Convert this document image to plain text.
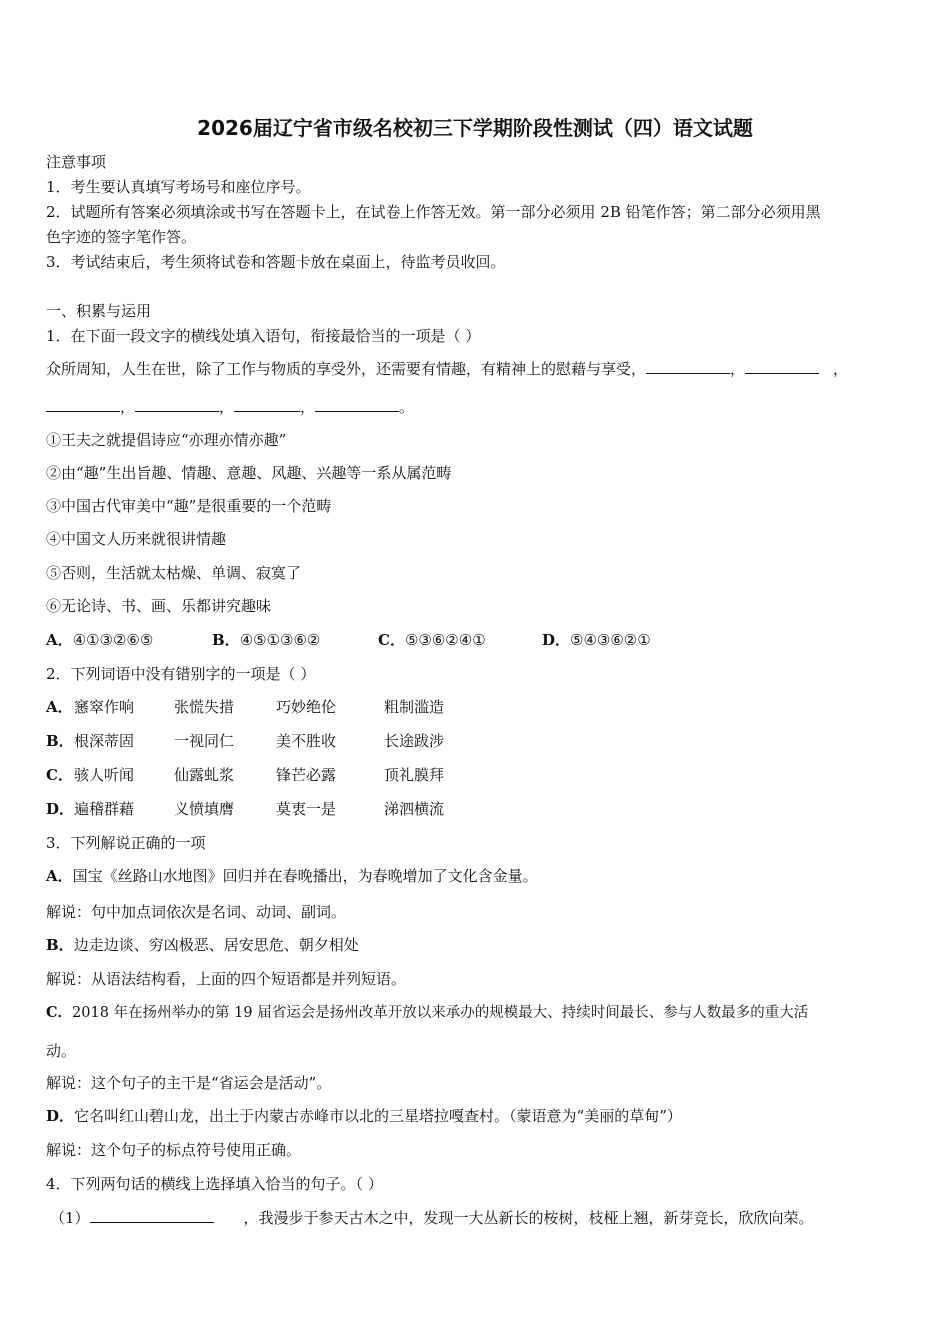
2026届辽宁省市级名校初三下学期阶段性测试（四）语文试题
注意事项
1．考生要认真填写考场号和座位序号。
2．试题所有答案必须填涂或书写在答题卡上，在试卷上作答无效。第一部分必须用 2B 铅笔作答；第二部分必须用黑
色字迹的签字笔作答。
3．考试结束后，考生须将试卷和答题卡放在桌面上，待监考员收回。
一、积累与运用
1．在下面一段文字的横线处填入语句，衔接最恰当的一项是（ ）
众所周知，人生在世，除了工作与物质的享受外，还需要有情趣，有精神上的慰藉与享受，	，	，
，	，	，	。
①王夫之就提倡诗应“亦理亦情亦趣”
②由“趣”生出旨趣、情趣、意趣、风趣、兴趣等一系从属范畴
③中国古代审美中“趣”是很重要的一个范畴
④中国文人历来就很讲情趣
⑤否则，生活就太枯燥、单调、寂寞了
⑥无论诗、书、画、乐都讲究趣味
A．④①③②⑥⑤	B．④⑤①③⑥②	C．⑤③⑥②④①	D．⑤④③⑥②①
2．下列词语中没有错别字的一项是（ ）
A．窸窣作响	张慌失措	巧妙绝伦	粗制滥造
B．根深蒂固	一视同仁	美不胜收	长途跋涉
C．骇人听闻	仙露虬浆	锋芒必露	顶礼膜拜
D．遍稽群藉	义愤填膺	莫衷一是	涕泗横流
3．下列解说正确的一项
A．国宝《丝路山水地图》回归并在春晚播出，为春晚增加了文化含金量。
解说：句中加点词依次是名词、动词、副词。
B．边走边谈、穷凶极恶、居安思危、朝夕相处
解说：从语法结构看，上面的四个短语都是并列短语。
C．2018 年在扬州举办的第 19 届省运会是扬州改革开放以来承办的规模最大、持续时间最长、参与人数最多的重大活
动。
解说：这个句子的主干是“省运会是活动”。
D．它名叫红山碧山龙，出土于内蒙古赤峰市以北的三星塔拉嘎查村。（蒙语意为“美丽的草甸”）
解说：这个句子的标点符号使用正确。
4．下列两句话的横线上选择填入恰当的句子。（ ）
（1）	，我漫步于参天古木之中，发现一大丛新长的桉树，枝桠上翘，新芽竞长，欣欣向荣。
